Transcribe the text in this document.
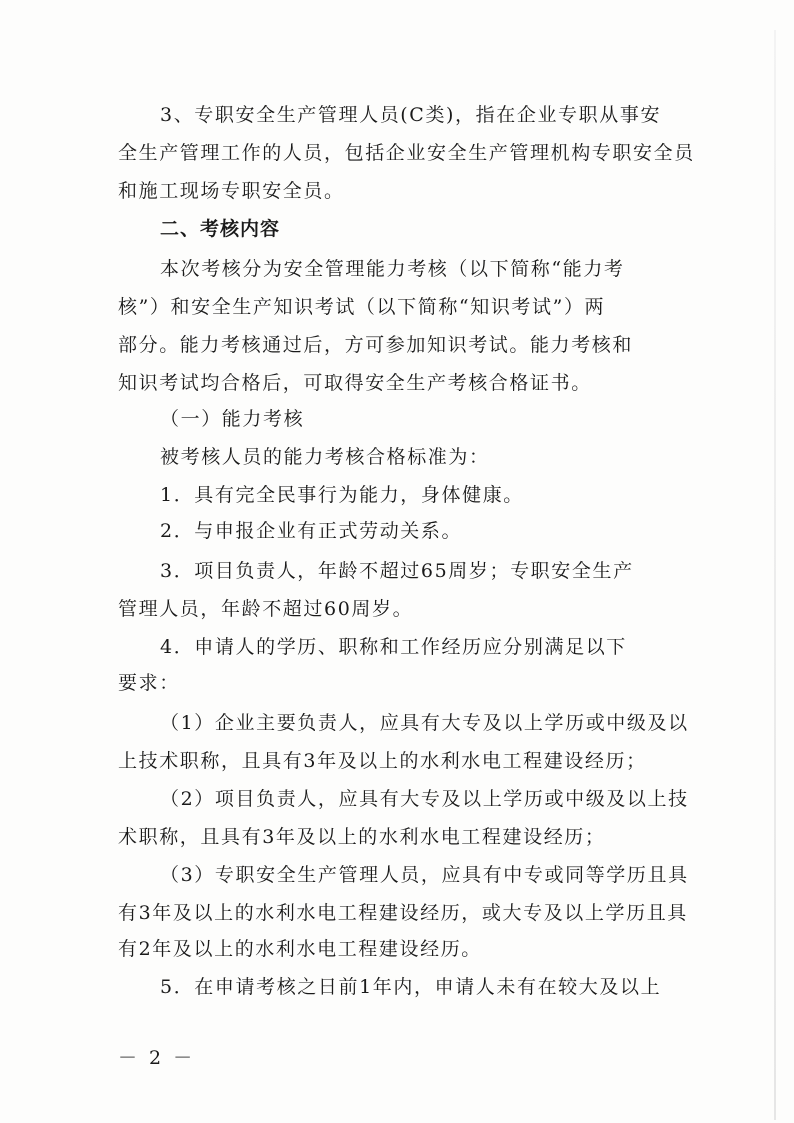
3、专职安全生产管理人员(C类)，指在企业专职从事安
全生产管理工作的人员，包括企业安全生产管理机构专职安全员
和施工现场专职安全员。
二、考核内容
本次考核分为安全管理能力考核（以下简称“能力考
核”）和安全生产知识考试（以下简称“知识考试”）两
部分。能力考核通过后，方可参加知识考试。能力考核和
知识考试均合格后，可取得安全生产考核合格证书。
（一）能力考核
被考核人员的能力考核合格标准为：
1．具有完全民事行为能力，身体健康。
2．与申报企业有正式劳动关系。
3．项目负责人，年龄不超过65周岁；专职安全生产
管理人员，年龄不超过60周岁。
4．申请人的学历、职称和工作经历应分别满足以下
要求：
（1）企业主要负责人，应具有大专及以上学历或中级及以
上技术职称，且具有3年及以上的水利水电工程建设经历；
（2）项目负责人，应具有大专及以上学历或中级及以上技
术职称，且具有3年及以上的水利水电工程建设经历；
（3）专职安全生产管理人员，应具有中专或同等学历且具
有3年及以上的水利水电工程建设经历，或大专及以上学历且具
有2年及以上的水利水电工程建设经历。
5．在申请考核之日前1年内，申请人未有在较大及以上
－ 2 －
